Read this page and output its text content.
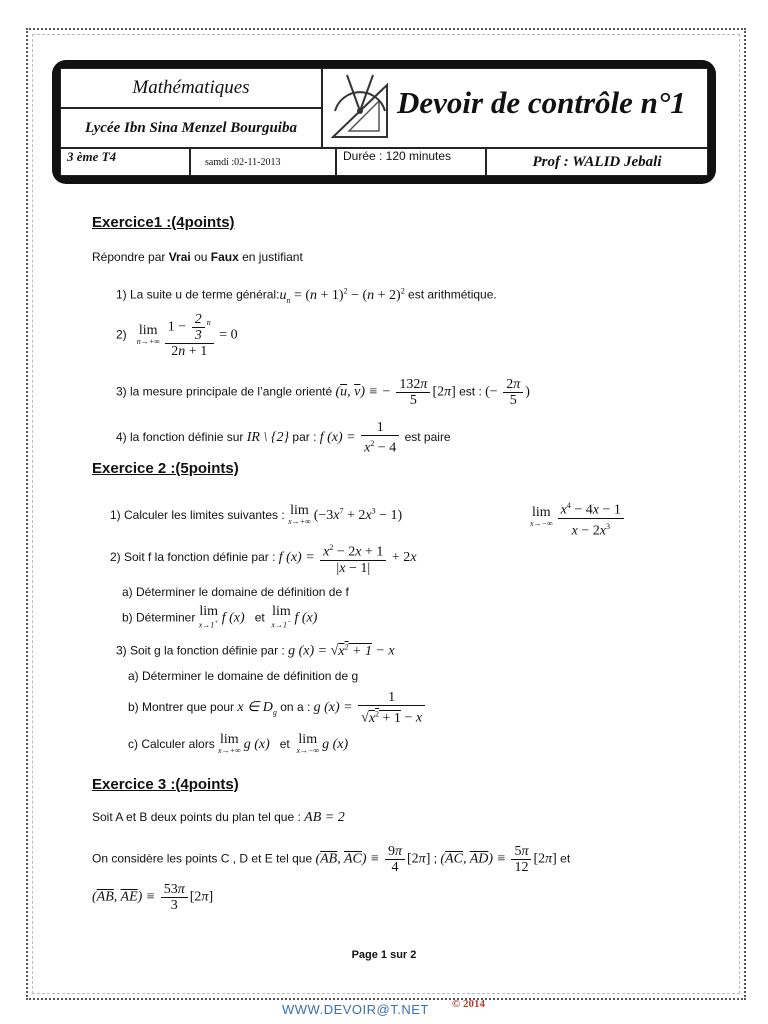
Mathématiques
Lycée Ibn Sina Menzel Bourguiba
Devoir de contrôle n°1
3 ème T4	samdi :02-11-2013	Durée : 120 minutes	Prof : WALID Jebali
Exercice1 :(4points)
Répondre par Vrai ou Faux en justifiant
1) La suite u de terme $général:u_n = (n + 1)^2 - (n + 2)^2$ est arithmétique.
2) lim
$n\to+\infty \frac{1 - \frac{2}{3} ^n}{2n + 1} = 0$
3) la mesure principale de l’angle orienté ($\overline{u}$, $\overline{v}$) ≡ − $\frac{132\pi}{5} [2\pi]$ est : (− $\frac{2\pi}{5}$ )
4) la fonction définie sur IR \ {2} par : f $(x) = \frac{1}{x^2 - 4}$ est paire
Exercice 2 :(5points)
1) Calculer les limites suivantes : lim
x→+∞ $(-3x^7 + 2x^3 - 1)$	lim
$x\to-\infty \frac{x^4 - 4x - 1}{x - 2x^3}$
2) Soit f la fonction définie par : f $(x) = \frac{x^2 - 2x + 1}{|x - 1|} + 2x$
a) Déterminer le domaine de définition de f
b) Déterminer lim
x→1+ f (x)   et  lim
x→1− f (x)
3) Soit g la fonction définie par : g $(x) = √x^2 + 1 - x$
a) Déterminer le domaine de définition de g
b) Montrer que pour x ∈ $D_g$ on a : g $(x) = \frac{1}{√x^2 + 1 - x}$
c) Calculer alors lim
x→+∞ g (x)   et  lim
x→−∞ g (x)
Exercice 3 :(4points)
Soit A et B deux points du plan tel que : AB = 2
On considère les points C , D et E tel que ($\overline{AB}$, $\overline{AC}) \equiv \frac{9\pi}{4} [2\pi]$ ; ($\overline{AC}$, $\overline{AD}) \equiv \frac{5\pi}{12} [2\pi]$ et
($\overline{AB}$, $\overline{AE}) \equiv \frac{53\pi}{3} [2\pi]$
Page 1 sur 2
WWW.DEVOIR@T.NET © 2014
